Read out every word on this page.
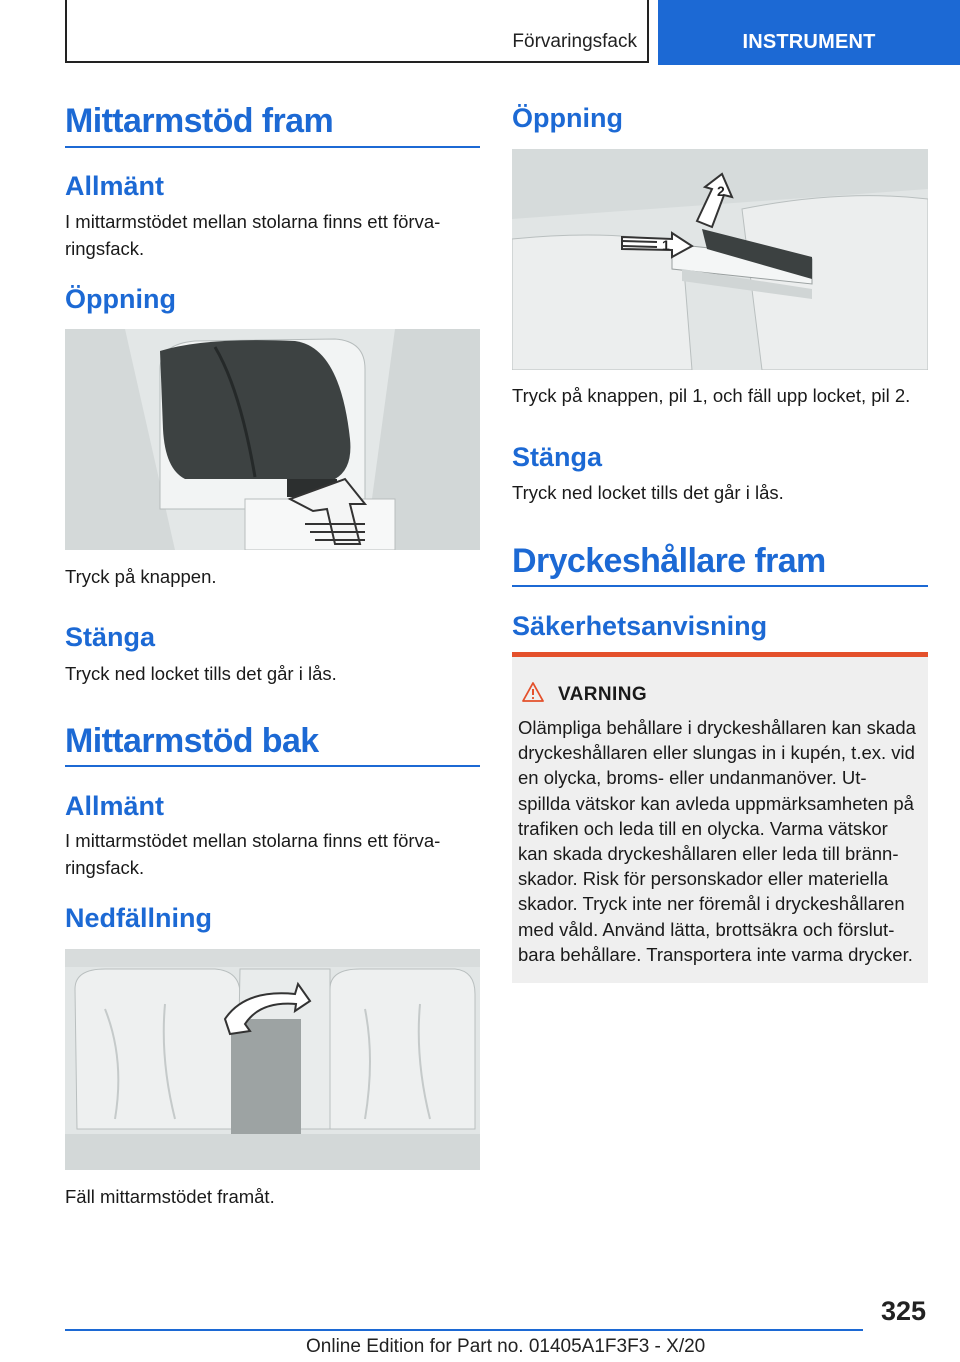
Förvaringsfack	INSTRUMENT
Mittarmstöd fram
Allmänt
I mittarmstödet mellan stolarna finns ett förva‐
ringsfack.
Öppning
Tryck på knappen.
Stänga
Tryck ned locket tills det går i lås.
Mittarmstöd bak
Allmänt
I mittarmstödet mellan stolarna finns ett förva‐
ringsfack.
Nedfällning
Fäll mittarmstödet framåt.
Öppning
2
1
Tryck på knappen, pil 1, och fäll upp locket, pil 2.
Stänga
Tryck ned locket tills det går i lås.
Dryckeshållare fram
Säkerhetsanvisning
VARNING
Olämpliga behållare i dryckeshållaren kan skada
dryckeshållaren eller slungas in i kupén, t.ex. vid
en olycka, broms- eller undanmanöver. Ut‐
spillda vätskor kan avleda uppmärksamheten på
trafiken och leda till en olycka. Varma vätskor
kan skada dryckeshållaren eller leda till bränn‐
skador. Risk för personskador eller materiella
skador. Tryck inte ner föremål i dryckeshållaren
med våld. Använd lätta, brottsäkra och förslut‐
bara behållare. Transportera inte varma drycker.
325
Online Edition for Part no. 01405A1F3F3 - X/20
